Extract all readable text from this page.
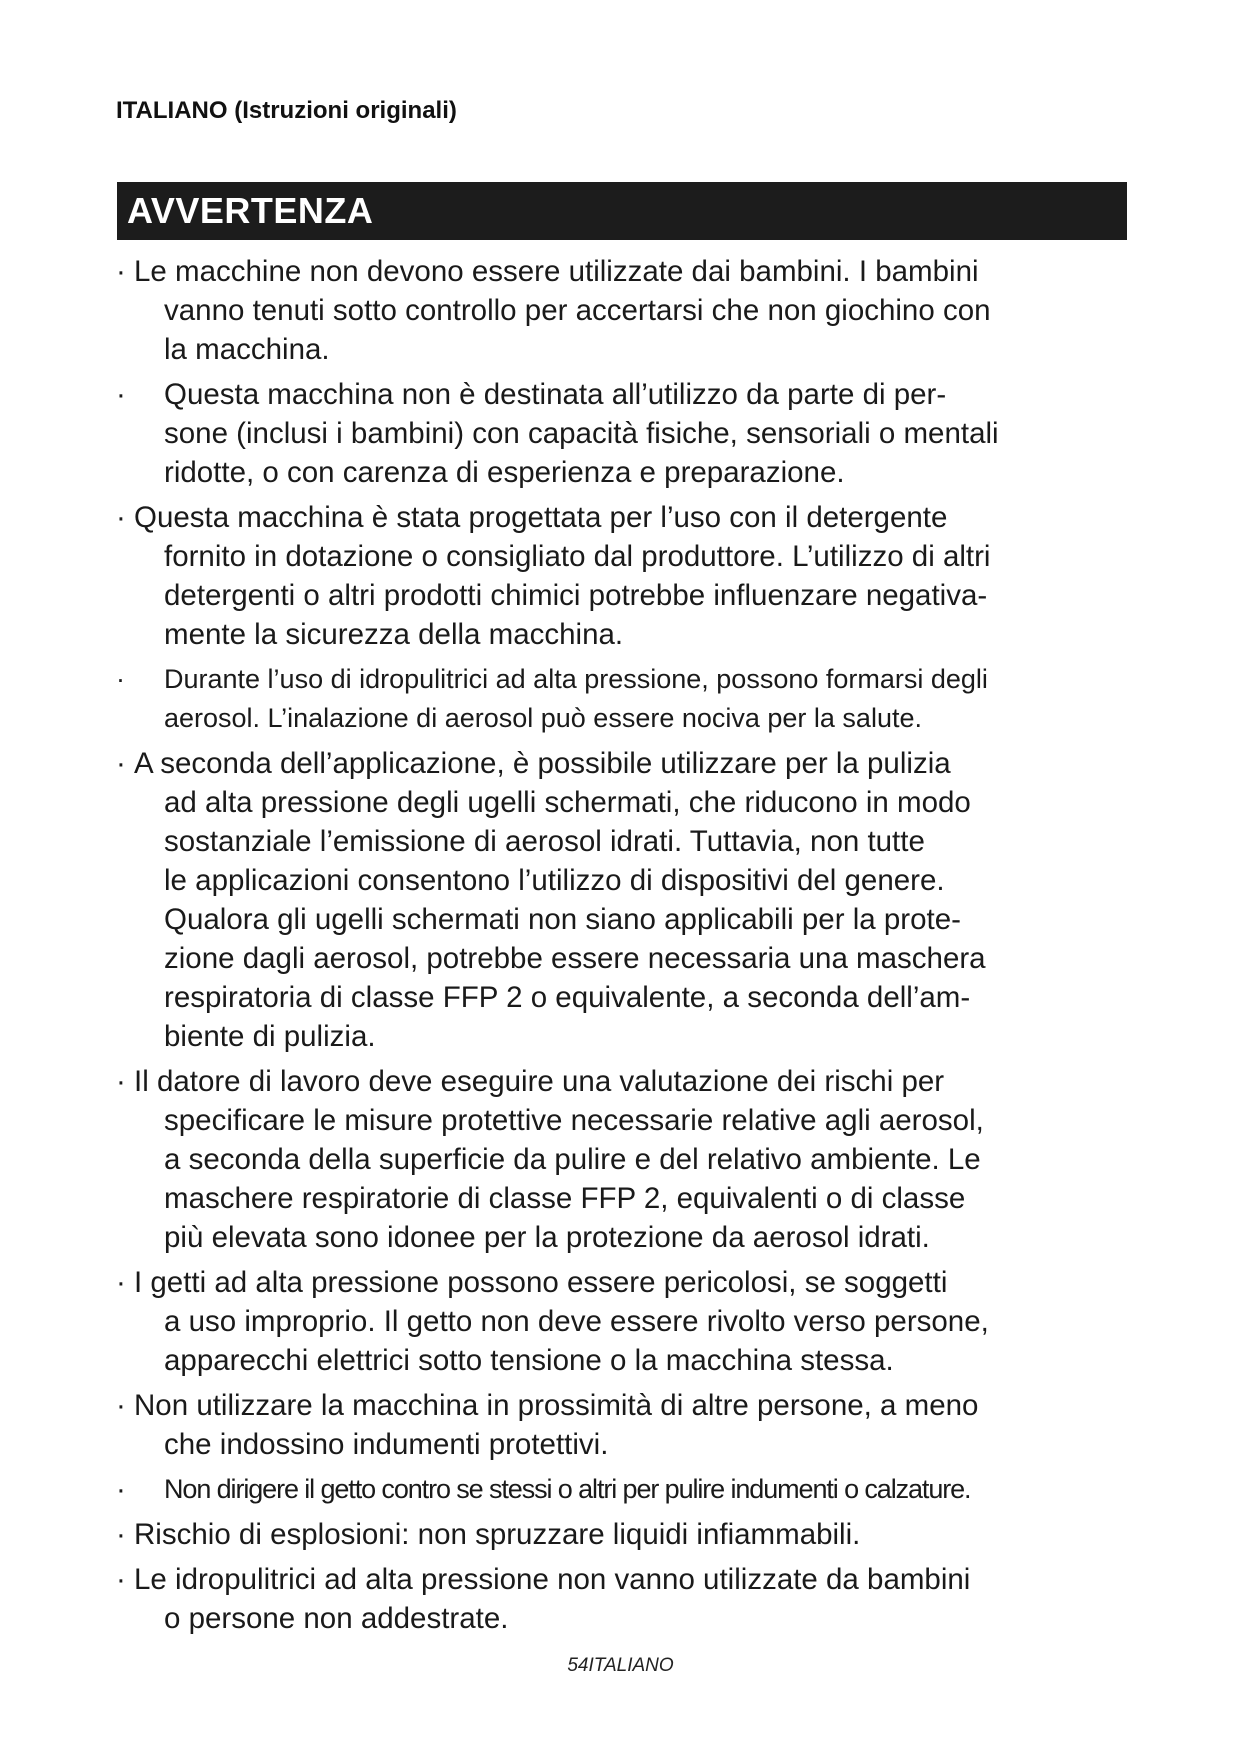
ITALIANO (Istruzioni originali)
AVVERTENZA
· Le macchine non devono essere utilizzate dai bambini. I bambini
vanno tenuti sotto controllo per accertarsi che non giochino con
la macchina.
·	Questa macchina non è destinata all’utilizzo da parte di per-
sone (inclusi i bambini) con capacità fisiche, sensoriali o mentali
ridotte, o con carenza di esperienza e preparazione.
· Questa macchina è stata progettata per l’uso con il detergente
fornito in dotazione o consigliato dal produttore. L’utilizzo di altri
detergenti o altri prodotti chimici potrebbe influenzare negativa-
mente la sicurezza della macchina.
·	Durante l’uso di idropulitrici ad alta pressione, possono formarsi degli
aerosol. L’inalazione di aerosol può essere nociva per la salute.
· A seconda dell’applicazione, è possibile utilizzare per la pulizia
ad alta pressione degli ugelli schermati, che riducono in modo
sostanziale l’emissione di aerosol idrati. Tuttavia, non tutte
le applicazioni consentono l’utilizzo di dispositivi del genere.
Qualora gli ugelli schermati non siano applicabili per la prote-
zione dagli aerosol, potrebbe essere necessaria una maschera
respiratoria di classe FFP 2 o equivalente, a seconda dell’am-
biente di pulizia.
· Il datore di lavoro deve eseguire una valutazione dei rischi per
specificare le misure protettive necessarie relative agli aerosol,
a seconda della superficie da pulire e del relativo ambiente. Le
maschere respiratorie di classe FFP 2, equivalenti o di classe
più elevata sono idonee per la protezione da aerosol idrati.
· I getti ad alta pressione possono essere pericolosi, se soggetti
a uso improprio. Il getto non deve essere rivolto verso persone,
apparecchi elettrici sotto tensione o la macchina stessa.
· Non utilizzare la macchina in prossimità di altre persone, a meno
che indossino indumenti protettivi.
·	Non dirigere il getto contro se stessi o altri per pulire indumenti o calzature.
· Rischio di esplosioni: non spruzzare liquidi infiammabili.
· Le idropulitrici ad alta pressione non vanno utilizzate da bambini
o persone non addestrate.
54ITALIANO
